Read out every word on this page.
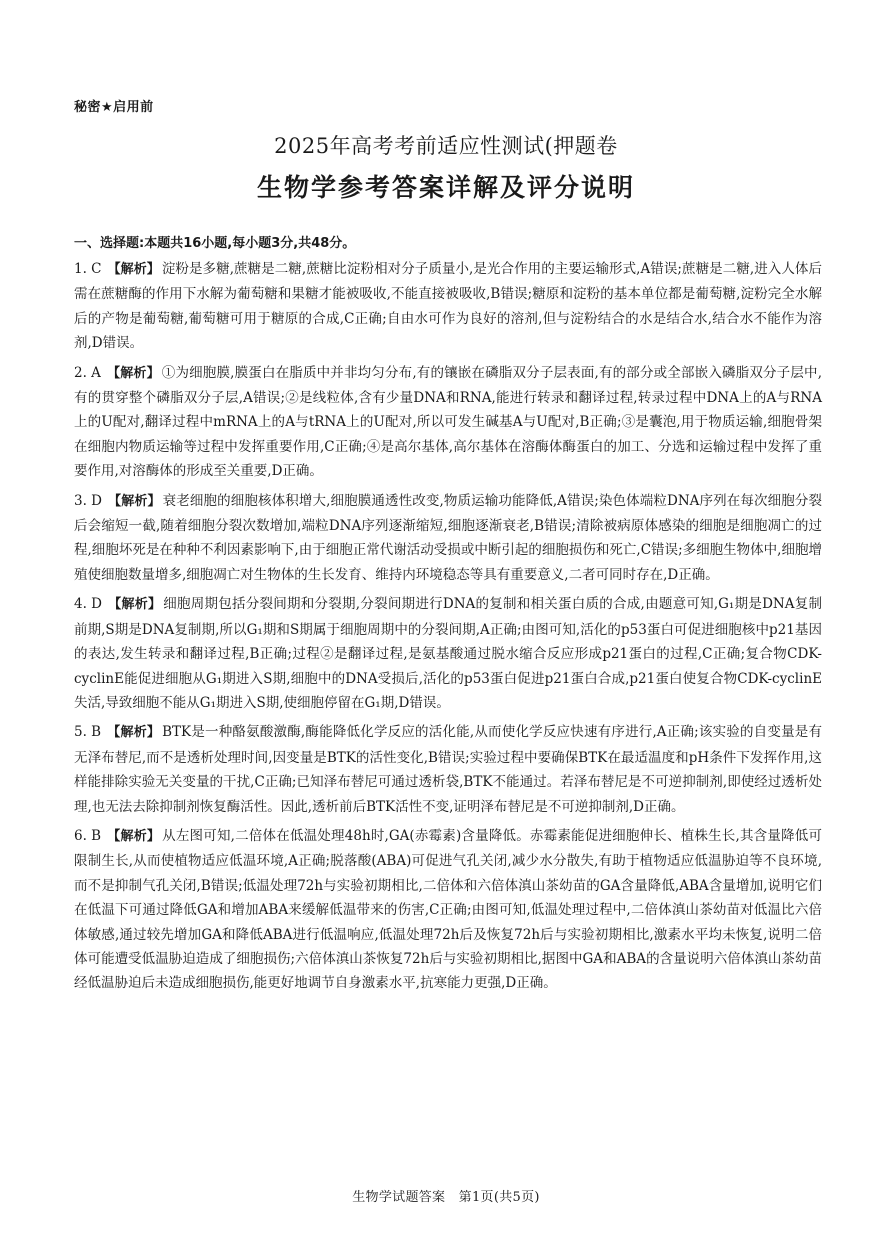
秘密★启用前
2025年高考考前适应性测试(押题卷
生物学参考答案详解及评分说明
一、选择题:本题共16小题,每小题3分,共48分。

1. C 【解析】 淀粉是多糖,蔗糖是二糖,蔗糖比淀粉相对分子质量小,是光合作用的主要运输形式,A错误;蔗糖是二糖,进入人体后需在蔗糖酶的作用下水解为葡萄糖和果糖才能被吸收,不能直接被吸收,B错误;糖原和淀粉的基本单位都是葡萄糖,淀粉完全水解后的产物是葡萄糖,葡萄糖可用于糖原的合成,C正确;自由水可作为良好的溶剂,但与淀粉结合的水是结合水,结合水不能作为溶剂,D错误。

2. A 【解析】 ①为细胞膜,膜蛋白在脂质中并非均匀分布,有的镶嵌在磷脂双分子层表面,有的部分或全部嵌入磷脂双分子层中,有的贯穿整个磷脂双分子层,A错误;②是线粒体,含有少量DNA和RNA,能进行转录和翻译过程,转录过程中DNA上的A与RNA上的U配对,翻译过程中mRNA上的A与tRNA上的U配对,所以可发生碱基A与U配对,B正确;③是囊泡,用于物质运输,细胞骨架在细胞内物质运输等过程中发挥重要作用,C正确;④是高尔基体,高尔基体在溶酶体酶蛋白的加工、分选和运输过程中发挥了重要作用,对溶酶体的形成至关重要,D正确。

3. D 【解析】 衰老细胞的细胞核体积增大,细胞膜通透性改变,物质运输功能降低,A错误;染色体端粒DNA序列在每次细胞分裂后会缩短一截,随着细胞分裂次数增加,端粒DNA序列逐渐缩短,细胞逐渐衰老,B错误;清除被病原体感染的细胞是细胞凋亡的过程,细胞坏死是在种种不利因素影响下,由于细胞正常代谢活动受损或中断引起的细胞损伤和死亡,C错误;多细胞生物体中,细胞增殖使细胞数量增多,细胞凋亡对生物体的生长发育、维持内环境稳态等具有重要意义,二者可同时存在,D正确。

4. D 【解析】 细胞周期包括分裂间期和分裂期,分裂间期进行DNA的复制和相关蛋白质的合成,由题意可知,G₁期是DNA复制前期,S期是DNA复制期,所以G₁期和S期属于细胞周期中的分裂间期,A正确;由图可知,活化的p53蛋白可促进细胞核中p21基因的表达,发生转录和翻译过程,B正确;过程②是翻译过程,是氨基酸通过脱水缩合反应形成p21蛋白的过程,C正确;复合物CDK-cyclinE能促进细胞从G₁期进入S期,细胞中的DNA受损后,活化的p53蛋白促进p21蛋白合成,p21蛋白使复合物CDK-cyclinE失活,导致细胞不能从G₁期进入S期,使细胞停留在G₁期,D错误。

5. B 【解析】 BTK是一种酪氨酸激酶,酶能降低化学反应的活化能,从而使化学反应快速有序进行,A正确;该实验的自变量是有无泽布替尼,而不是透析处理时间,因变量是BTK的活性变化,B错误;实验过程中要确保BTK在最适温度和pH条件下发挥作用,这样能排除实验无关变量的干扰,C正确;已知泽布替尼可通过透析袋,BTK不能通过。若泽布替尼是不可逆抑制剂,即使经过透析处理,也无法去除抑制剂恢复酶活性。因此,透析前后BTK活性不变,证明泽布替尼是不可逆抑制剂,D正确。

6. B 【解析】 从左图可知,二倍体在低温处理48h时,GA(赤霉素)含量降低。赤霉素能促进细胞伸长、植株生长,其含量降低可限制生长,从而使植物适应低温环境,A正确;脱落酸(ABA)可促进气孔关闭,减少水分散失,有助于植物适应低温胁迫等不良环境,而不是抑制气孔关闭,B错误;低温处理72h与实验初期相比,二倍体和六倍体滇山茶幼苗的GA含量降低,ABA含量增加,说明它们在低温下可通过降低GA和增加ABA来缓解低温带来的伤害,C正确;由图可知,低温处理过程中,二倍体滇山茶幼苗对低温比六倍体敏感,通过较先增加GA和降低ABA进行低温响应,低温处理72h后及恢复72h后与实验初期相比,激素水平均未恢复,说明二倍体可能遭受低温胁迫造成了细胞损伤;六倍体滇山茶恢复72h后与实验初期相比,据图中GA和ABA的含量说明六倍体滇山茶幼苗经低温胁迫后未造成细胞损伤,能更好地调节自身激素水平,抗寒能力更强,D正确。

生物学试题答案　第1页(共5页)
